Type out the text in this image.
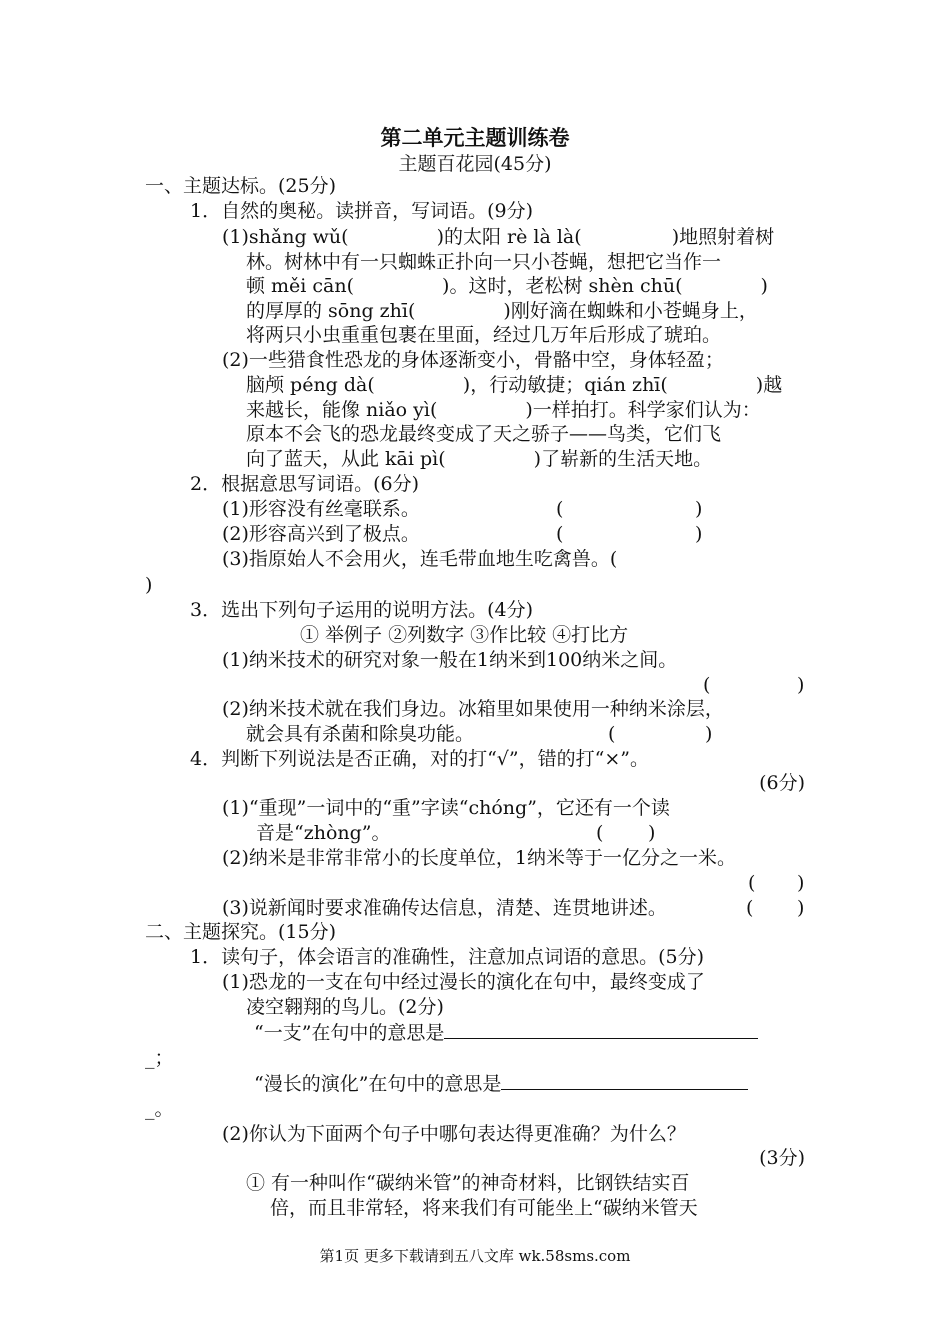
第二单元主题训练卷
主题百花园(45分)
一、主题达标。(25分)
1．自然的奥秘。读拼音，写词语。(9分)
(1)shǎng wǔ(	)的太阳 rè là là(	)地照射着树
林。树林中有一只蜘蛛正扑向一只小苍蝇，想把它当作一
顿 měi cān(	)。这时，老松树 shèn chū(	)
的厚厚的 sōng zhī(	)刚好滴在蜘蛛和小苍蝇身上，
将两只小虫重重包裹在里面，经过几万年后形成了琥珀。
(2)一些猎食性恐龙的身体逐渐变小，骨骼中空，身体轻盈；
脑颅 péng dà(	)，行动敏捷；qián zhī(	)越
来越长，能像 niǎo yì(	)一样拍打。科学家们认为：
原本不会飞的恐龙最终变成了天之骄子——鸟类，它们飞
向了蓝天，从此 kāi pì(	)了崭新的生活天地。
2．根据意思写词语。(6分)
(1)形容没有丝毫联系。	(	)
(2)形容高兴到了极点。	(	)
(3)指原始人不会用火，连毛带血地生吃禽兽。(
)
3．选出下列句子运用的说明方法。(4分)
① 举例子 ②列数字 ③作比较 ④打比方
(1)纳米技术的研究对象一般在1纳米到100纳米之间。
(	)
(2)纳米技术就在我们身边。冰箱里如果使用一种纳米涂层，
就会具有杀菌和除臭功能。	(	)
4．判断下列说法是否正确，对的打“√”，错的打“×”。
(6分)
(1)“重现”一词中的“重”字读“chóng”，它还有一个读
音是“zhòng”。	( )
(2)纳米是非常非常小的长度单位，1纳米等于一亿分之一米。
( )
(3)说新闻时要求准确传达信息，清楚、连贯地讲述。	( )
二、主题探究。(15分)
1．读句子，体会语言的准确性，注意加点词语的意思。(5分)
(1)恐龙的一支在句中经过漫长的演化在句中，最终变成了
凌空翱翔的鸟儿。(2分)
“一支”在句中的意思是
_；
“漫长的演化”在句中的意思是
_。
(2)你认为下面两个句子中哪句表达得更准确？为什么？
(3分)
① 有一种叫作“碳纳米管”的神奇材料，比钢铁结实百
倍，而且非常轻，将来我们有可能坐上“碳纳米管天
第1页 更多下载请到五八文库 wk.58sms.com
